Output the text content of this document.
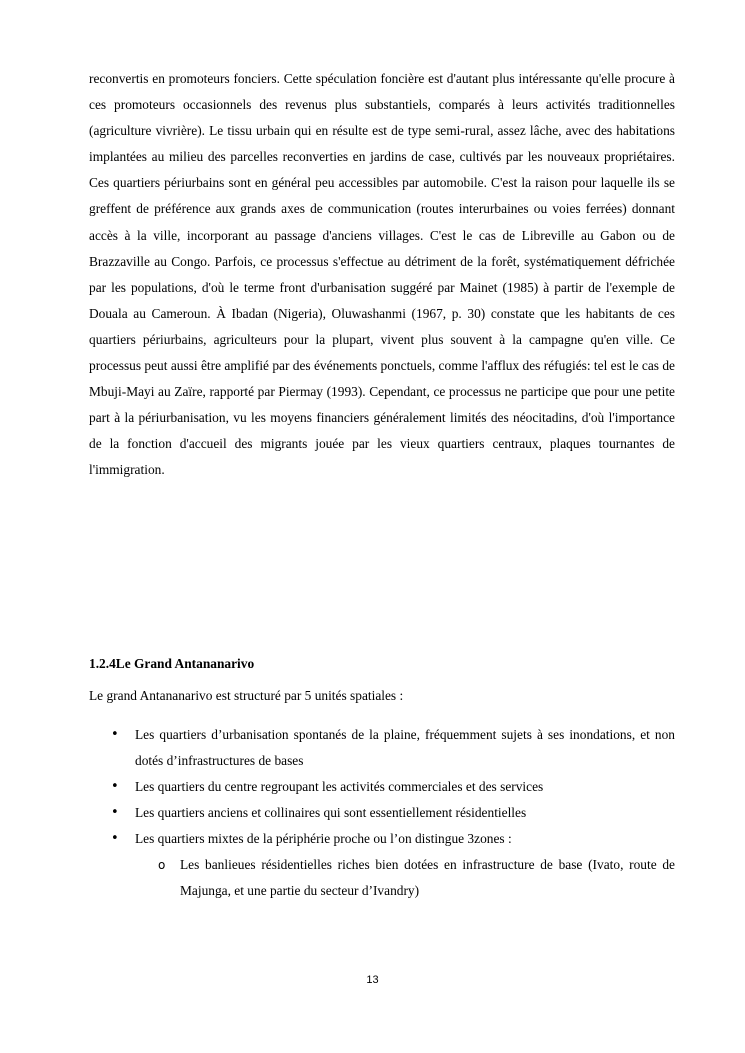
reconvertis en promoteurs fonciers. Cette spéculation foncière est d'autant plus intéressante qu'elle procure à ces promoteurs occasionnels des revenus plus substantiels, comparés à leurs activités traditionnelles (agriculture vivrière). Le tissu urbain qui en résulte est de type semi-rural, assez lâche, avec des habitations implantées au milieu des parcelles reconverties en jardins de case, cultivés par les nouveaux propriétaires. Ces quartiers périurbains sont en général peu accessibles par automobile. C'est la raison pour laquelle ils se greffent de préférence aux grands axes de communication (routes interurbaines ou voies ferrées) donnant accès à la ville, incorporant au passage d'anciens villages. C'est le cas de Libreville au Gabon ou de Brazzaville au Congo. Parfois, ce processus s'effectue au détriment de la forêt, systématiquement défrichée par les populations, d'où le terme front d'urbanisation suggéré par Mainet (1985) à partir de l'exemple de Douala au Cameroun. À Ibadan (Nigeria), Oluwashanmi (1967, p. 30) constate que les habitants de ces quartiers périurbains, agriculteurs pour la plupart, vivent plus souvent à la campagne qu'en ville. Ce processus peut aussi être amplifié par des événements ponctuels, comme l'afflux des réfugiés: tel est le cas de Mbuji-Mayi au Zaïre, rapporté par Piermay (1993). Cependant, ce processus ne participe que pour une petite part à la périurbanisation, vu les moyens financiers généralement limités des néocitadins, d'où l'importance de la fonction d'accueil des migrants jouée par les vieux quartiers centraux, plaques tournantes de l'immigration.

1.2.4Le Grand Antananarivo

Le grand Antananarivo est structuré par 5 unités spatiales :

• Les quartiers d’urbanisation spontanés de la plaine, fréquemment sujets à ses inondations, et non dotés d’infrastructures de bases
• Les quartiers du centre regroupant les activités commerciales et des services
• Les quartiers anciens et collinaires qui sont essentiellement résidentielles
• Les quartiers mixtes de la périphérie proche ou l’on distingue 3zones :
o Les banlieues résidentielles riches bien dotées en infrastructure de base (Ivato, route de Majunga, et une partie du secteur d’Ivandry)

13
